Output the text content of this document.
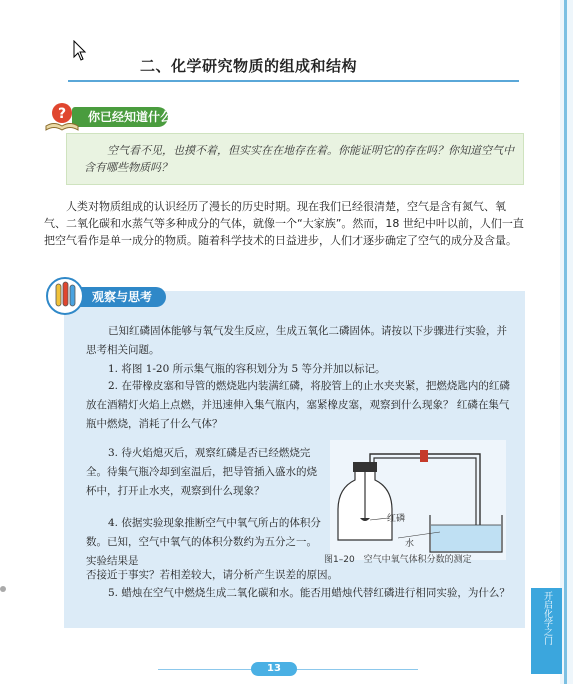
二、化学研究物质的组成和结构
? 你已经知道什么
空气看不见，也摸不着，但实实在在地存在着。你能证明它的存在吗？你知道空气中含有哪些物质吗？

人类对物质组成的认识经历了漫长的历史时期。现在我们已经很清楚，空气是含有氮气、氧气、二氧化碳和水蒸气等多种成分的气体，就像一个“大家族”。然而，18 世纪中叶以前，人们一直把空气看作是单一成分的物质。随着科学技术的日益进步，人们才逐步确定了空气的成分及含量。

观察与思考

已知红磷固体能够与氧气发生反应，生成五氧化二磷固体。请按以下步骤进行实验，并思考相关问题。

1. 将图 1-20 所示集气瓶的容积划分为 5 等分并加以标记。

2. 在带橡皮塞和导管的燃烧匙内装满红磷，将胶管上的止水夹夹紧，把燃烧匙内的红磷放在酒精灯火焰上点燃，并迅速伸入集气瓶内，塞紧橡皮塞，观察到什么现象？ 红磷在集气瓶中燃烧，消耗了什么气体？

3. 待火焰熄灭后，观察红磷是否已经燃烧完全。待集气瓶冷却到室温后，把导管插入盛水的烧杯中，打开止水夹，观察到什么现象？

4. 依据实验现象推断空气中氧气所占的体积分数。已知，空气中氧气的体积分数约为五分之一。实验结果是

否接近于事实？若相差较大，请分析产生误差的原因。

5. 蜡烛在空气中燃烧生成二氧化碳和水。能否用蜡烛代替红磷进行相同实验，为什么？

红磷
水
图1–20　空气中氧气体积分数的测定
开启化学之门
13
